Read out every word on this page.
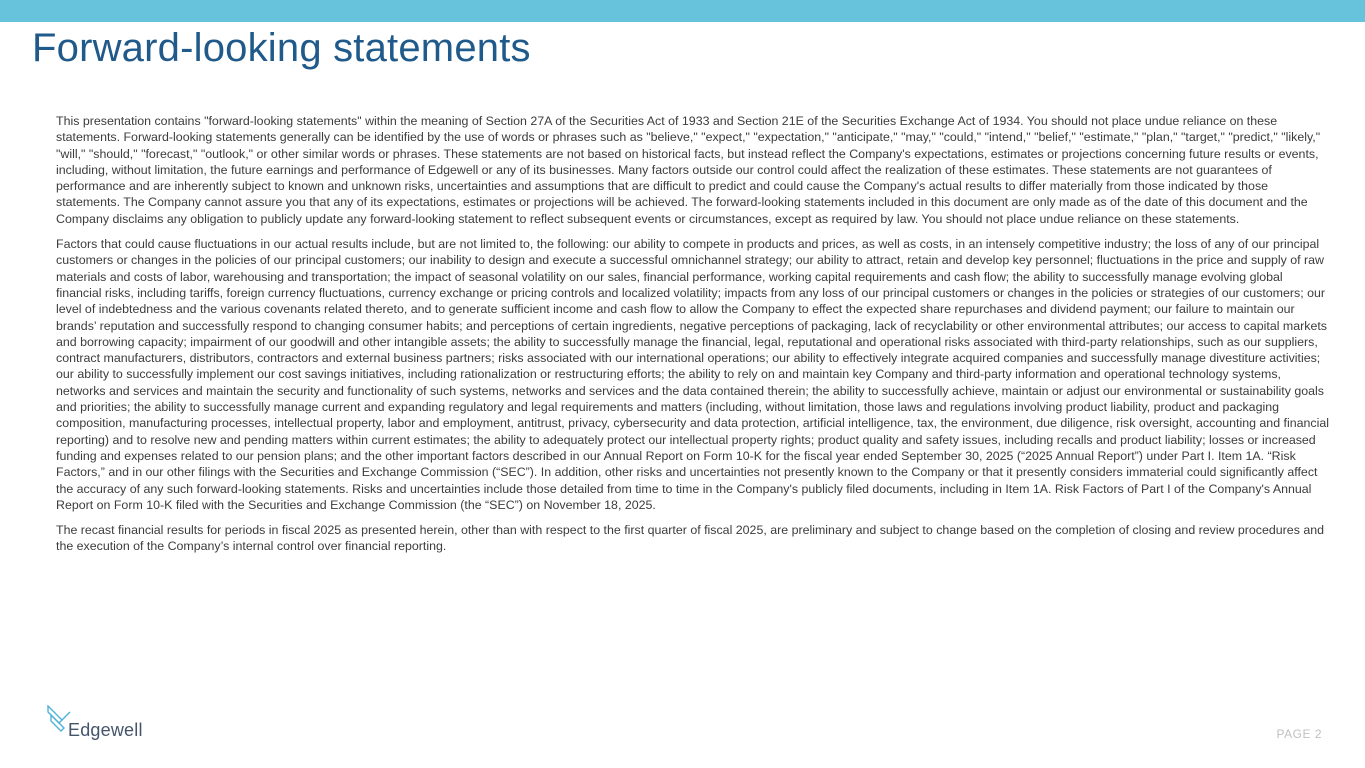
Forward-looking statements

This presentation contains "forward-looking statements" within the meaning of Section 27A of the Securities Act of 1933 and Section 21E of the Securities Exchange Act of 1934. You should not place undue reliance on these statements. Forward-looking statements generally can be identified by the use of words or phrases such as "believe," "expect," "expectation," "anticipate," "may," "could," "intend," "belief," "estimate," "plan," "target," "predict," "likely," "will," "should," "forecast," "outlook," or other similar words or phrases. These statements are not based on historical facts, but instead reflect the Company's expectations, estimates or projections concerning future results or events, including, without limitation, the future earnings and performance of Edgewell or any of its businesses. Many factors outside our control could affect the realization of these estimates. These statements are not guarantees of performance and are inherently subject to known and unknown risks, uncertainties and assumptions that are difficult to predict and could cause the Company's actual results to differ materially from those indicated by those statements. The Company cannot assure you that any of its expectations, estimates or projections will be achieved. The forward-looking statements included in this document are only made as of the date of this document and the Company disclaims any obligation to publicly update any forward-looking statement to reflect subsequent events or circumstances, except as required by law. You should not place undue reliance on these statements.

Factors that could cause fluctuations in our actual results include, but are not limited to, the following: our ability to compete in products and prices, as well as costs, in an intensely competitive industry; the loss of any of our principal customers or changes in the policies of our principal customers; our inability to design and execute a successful omnichannel strategy; our ability to attract, retain and develop key personnel; fluctuations in the price and supply of raw materials and costs of labor, warehousing and transportation; the impact of seasonal volatility on our sales, financial performance, working capital requirements and cash flow; the ability to successfully manage evolving global financial risks, including tariffs, foreign currency fluctuations, currency exchange or pricing controls and localized volatility; impacts from any loss of our principal customers or changes in the policies or strategies of our customers; our level of indebtedness and the various covenants related thereto, and to generate sufficient income and cash flow to allow the Company to effect the expected share repurchases and dividend payment; our failure to maintain our brands’ reputation and successfully respond to changing consumer habits; and perceptions of certain ingredients, negative perceptions of packaging, lack of recyclability or other environmental attributes; our access to capital markets and borrowing capacity; impairment of our goodwill and other intangible assets; the ability to successfully manage the financial, legal, reputational and operational risks associated with third-party relationships, such as our suppliers, contract manufacturers, distributors, contractors and external business partners; risks associated with our international operations; our ability to effectively integrate acquired companies and successfully manage divestiture activities; our ability to successfully implement our cost savings initiatives, including rationalization or restructuring efforts; the ability to rely on and maintain key Company and third-party information and operational technology systems, networks and services and maintain the security and functionality of such systems, networks and services and the data contained therein; the ability to successfully achieve, maintain or adjust our environmental or sustainability goals and priorities; the ability to successfully manage current and expanding regulatory and legal requirements and matters (including, without limitation, those laws and regulations involving product liability, product and packaging composition, manufacturing processes, intellectual property, labor and employment, antitrust, privacy, cybersecurity and data protection, artificial intelligence, tax, the environment, due diligence, risk oversight, accounting and financial reporting) and to resolve new and pending matters within current estimates; the ability to adequately protect our intellectual property rights; product quality and safety issues, including recalls and product liability; losses or increased funding and expenses related to our pension plans; and the other important factors described in our Annual Report on Form 10-K for the fiscal year ended September 30, 2025 (“2025 Annual Report”) under Part I. Item 1A. “Risk Factors,” and in our other filings with the Securities and Exchange Commission (“SEC”). In addition, other risks and uncertainties not presently known to the Company or that it presently considers immaterial could significantly affect the accuracy of any such forward-looking statements. Risks and uncertainties include those detailed from time to time in the Company's publicly filed documents, including in Item 1A. Risk Factors of Part I of the Company's Annual Report on Form 10-K filed with the Securities and Exchange Commission (the “SEC”) on November 18, 2025.

The recast financial results for periods in fiscal 2025 as presented herein, other than with respect to the first quarter of fiscal 2025, are preliminary and subject to change based on the completion of closing and review procedures and the execution of the Company’s internal control over financial reporting.

Edgewell	PAGE 2
